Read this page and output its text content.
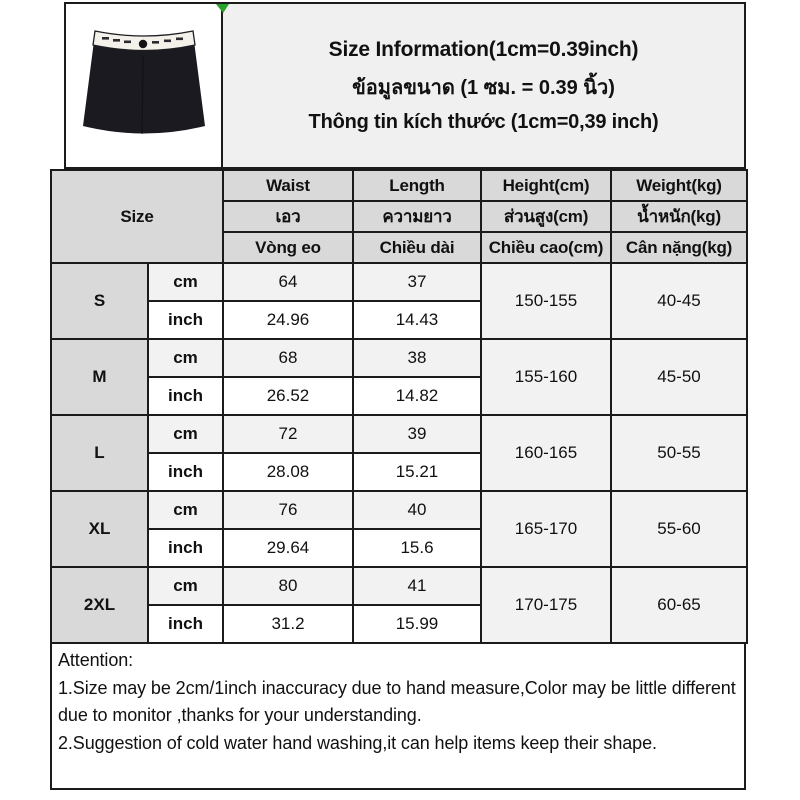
Size Information(1cm=0.39inch)
ข้อมูลขนาด (1 ซม. = 0.39 นิ้ว)
Thông tin kích thước (1cm=0,39 inch)
Size		Waist	Length	Height(cm)	Weight(kg)
		เอว	ความยาว	ส่วนสูง(cm)	น้ำหนัก(kg)
		Vòng eo	Chiều dài	Chiều cao(cm)	Cân nặng(kg)
S	cm	64	37	150-155	40-45
	inch	24.96	14.43		
M	cm	68	38	155-160	45-50
	inch	26.52	14.82		
L	cm	72	39	160-165	50-55
	inch	28.08	15.21		
XL	cm	76	40	165-170	55-60
	inch	29.64	15.6		
2XL	cm	80	41	170-175	60-65
	inch	31.2	15.99		
Attention:
1.Size may be 2cm/1inch inaccuracy due to hand measure,Color may be little different due to monitor ,thanks for your understanding.
2.Suggestion of cold water hand washing,it can help items keep their shape.
